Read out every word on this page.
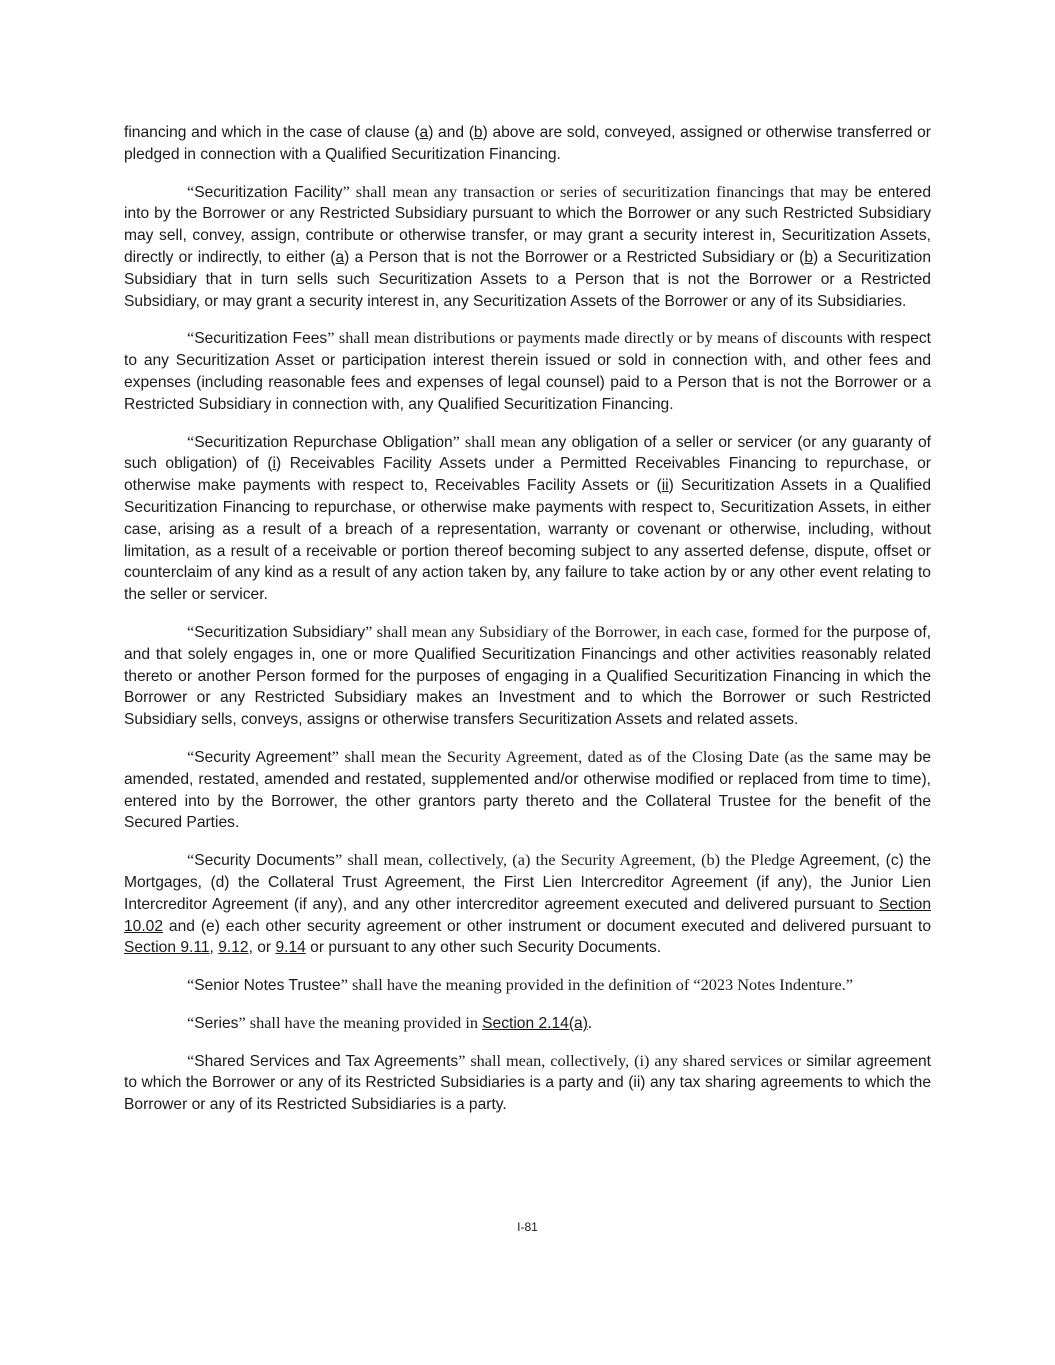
financing and which in the case of clause (a) and (b) above are sold, conveyed, assigned or otherwise transferred or pledged in connection with a Qualified Securitization Financing.

“Securitization Facility” shall mean any transaction or series of securitization financings that may be entered into by the Borrower or any Restricted Subsidiary pursuant to which the Borrower or any such Restricted Subsidiary may sell, convey, assign, contribute or otherwise transfer, or may grant a security interest in, Securitization Assets, directly or indirectly, to either (a) a Person that is not the Borrower or a Restricted Subsidiary or (b) a Securitization Subsidiary that in turn sells such Securitization Assets to a Person that is not the Borrower or a Restricted Subsidiary, or may grant a security interest in, any Securitization Assets of the Borrower or any of its Subsidiaries.

“Securitization Fees” shall mean distributions or payments made directly or by means of discounts with respect to any Securitization Asset or participation interest therein issued or sold in connection with, and other fees and expenses (including reasonable fees and expenses of legal counsel) paid to a Person that is not the Borrower or a Restricted Subsidiary in connection with, any Qualified Securitization Financing.

“Securitization Repurchase Obligation” shall mean any obligation of a seller or servicer (or any guaranty of such obligation) of (i) Receivables Facility Assets under a Permitted Receivables Financing to repurchase, or otherwise make payments with respect to, Receivables Facility Assets or (ii) Securitization Assets in a Qualified Securitization Financing to repurchase, or otherwise make payments with respect to, Securitization Assets, in either case, arising as a result of a breach of a representation, warranty or covenant or otherwise, including, without limitation, as a result of a receivable or portion thereof becoming subject to any asserted defense, dispute, offset or counterclaim of any kind as a result of any action taken by, any failure to take action by or any other event relating to the seller or servicer.

“Securitization Subsidiary” shall mean any Subsidiary of the Borrower, in each case, formed for the purpose of, and that solely engages in, one or more Qualified Securitization Financings and other activities reasonably related thereto or another Person formed for the purposes of engaging in a Qualified Securitization Financing in which the Borrower or any Restricted Subsidiary makes an Investment and to which the Borrower or such Restricted Subsidiary sells, conveys, assigns or otherwise transfers Securitization Assets and related assets.

“Security Agreement” shall mean the Security Agreement, dated as of the Closing Date (as the same may be amended, restated, amended and restated, supplemented and/or otherwise modified or replaced from time to time), entered into by the Borrower, the other grantors party thereto and the Collateral Trustee for the benefit of the Secured Parties.

“Security Documents” shall mean, collectively, (a) the Security Agreement, (b) the Pledge Agreement, (c) the Mortgages, (d) the Collateral Trust Agreement, the First Lien Intercreditor Agreement (if any), the Junior Lien Intercreditor Agreement (if any), and any other intercreditor agreement executed and delivered pursuant to Section 10.02 and (e) each other security agreement or other instrument or document executed and delivered pursuant to Section 9.11, 9.12, or 9.14 or pursuant to any other such Security Documents.

“Senior Notes Trustee” shall have the meaning provided in the definition of “2023 Notes Indenture.”

“Series” shall have the meaning provided in Section 2.14(a).

“Shared Services and Tax Agreements” shall mean, collectively, (i) any shared services or similar agreement to which the Borrower or any of its Restricted Subsidiaries is a party and (ii) any tax sharing agreements to which the Borrower or any of its Restricted Subsidiaries is a party.

I-81
